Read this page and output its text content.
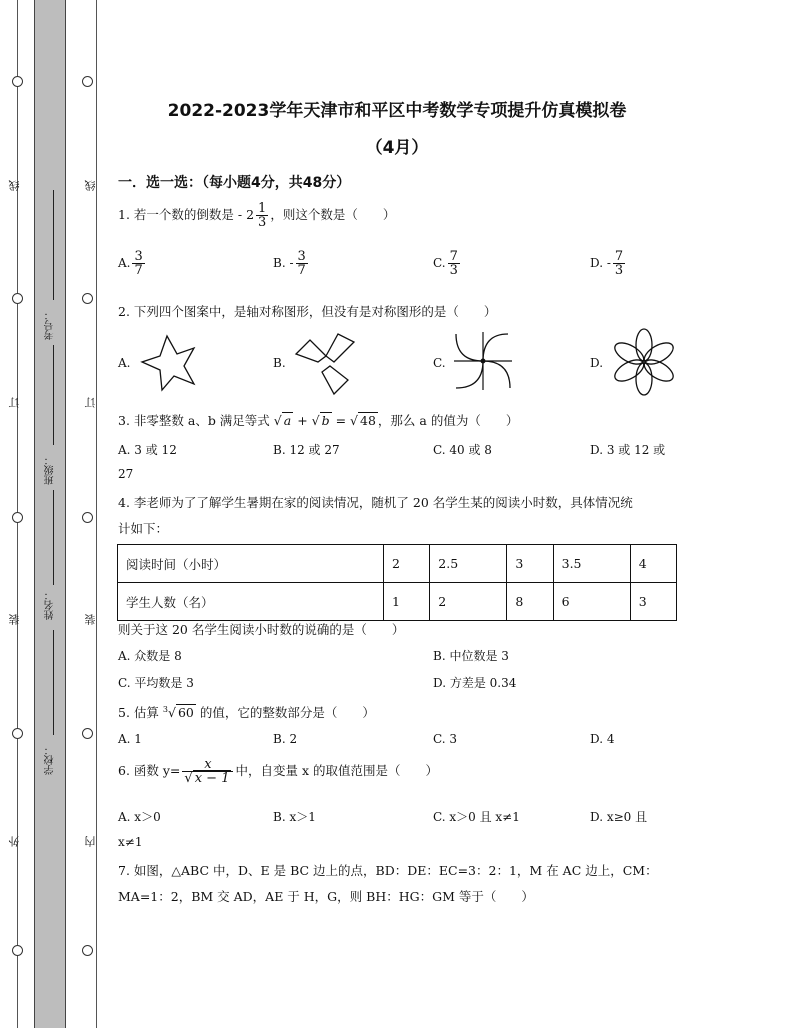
线
订
装
外
线
订
装
内
考号：
班级：
姓名：
学校：
2022-2023学年天津市和平区中考数学专项提升仿真模拟卷
（4月）
一．选一选：（每小题4分，共48分）
1. 若一个数的倒数是 - $2 \frac{1}{3}$ ，则这个数是（　　）
A. $\frac{3}{7}$	B. - $\frac{3}{7}$	C. $\frac{7}{3}$	D. - $\frac{7}{3}$
2. 下列四个图案中，是轴对称图形，但没有是对称图形的是（　　）
A.	B.	C.	D.
3. 非零整数 a、b 满足等式 √ a + √ b = √ 48 ，那么 a 的值为（　　）
A. 3 或 12	B. 12 或 27	C. 40 或 8	D. 3 或 12 或
27
4. 李老师为了了解学生暑期在家的阅读情况，随机了 20 名学生某的阅读小时数，具体情况统
计如下：
阅读时间（小时）	2	2.5	3	3.5	4
学生人数（名）	1	2	8	6	3
则关于这 20 名学生阅读小时数的说确的是（　　）
A. 众数是 8	B. 中位数是 3
C. 平均数是 3	D. 方差是 0.34
5. 估算 $^3$√ 60 的值，它的整数部分是（　　）
A. 1	B. 2	C. 3	D. 4
6. 函数 $y= \frac{x}{√ x - 1}$ 中，自变量 x 的取值范围是（　　）
A. x＞0	B. x＞1	C. x＞0 且 x≠1	D. x≥0 且
x≠1
7. 如图，△ABC 中，D、E 是 BC 边上的点，BD：DE：EC=3：2：1，M 在 AC 边上，CM：
MA=1：2，BM 交 AD，AE 于 H，G，则 BH：HG：GM 等于（　　）
